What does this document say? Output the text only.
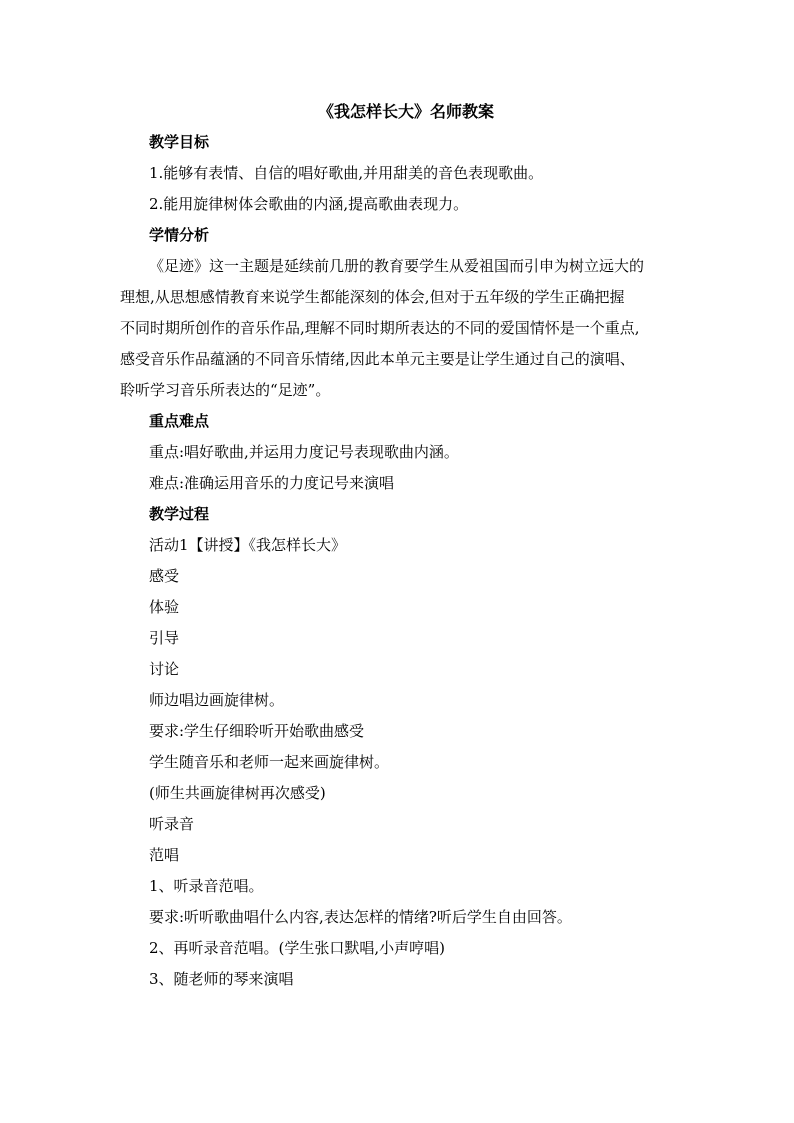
《我怎样长大》名师教案

教学目标

1.能够有表情、自信的唱好歌曲,并用甜美的音色表现歌曲。

2.能用旋律树体会歌曲的内涵,提高歌曲表现力。

学情分析

《足迹》这一主题是延续前几册的教育要学生从爱祖国而引申为树立远大的

理想,从思想感情教育来说学生都能深刻的体会,但对于五年级的学生正确把握

不同时期所创作的音乐作品,理解不同时期所表达的不同的爱国情怀是一个重点,

感受音乐作品蕴涵的不同音乐情绪,因此本单元主要是让学生通过自己的演唱、

聆听学习音乐所表达的“足迹”。

重点难点

重点:唱好歌曲,并运用力度记号表现歌曲内涵。

难点:准确运用音乐的力度记号来演唱

教学过程

活动1【讲授】《我怎样长大》

感受

体验

引导

讨论

师边唱边画旋律树。

要求:学生仔细聆听开始歌曲感受

学生随音乐和老师一起来画旋律树。

(师生共画旋律树再次感受)

听录音

范唱

1、听录音范唱。

要求:听听歌曲唱什么内容,表达怎样的情绪?听后学生自由回答。

2、再听录音范唱。(学生张口默唱,小声哼唱)

3、随老师的琴来演唱
